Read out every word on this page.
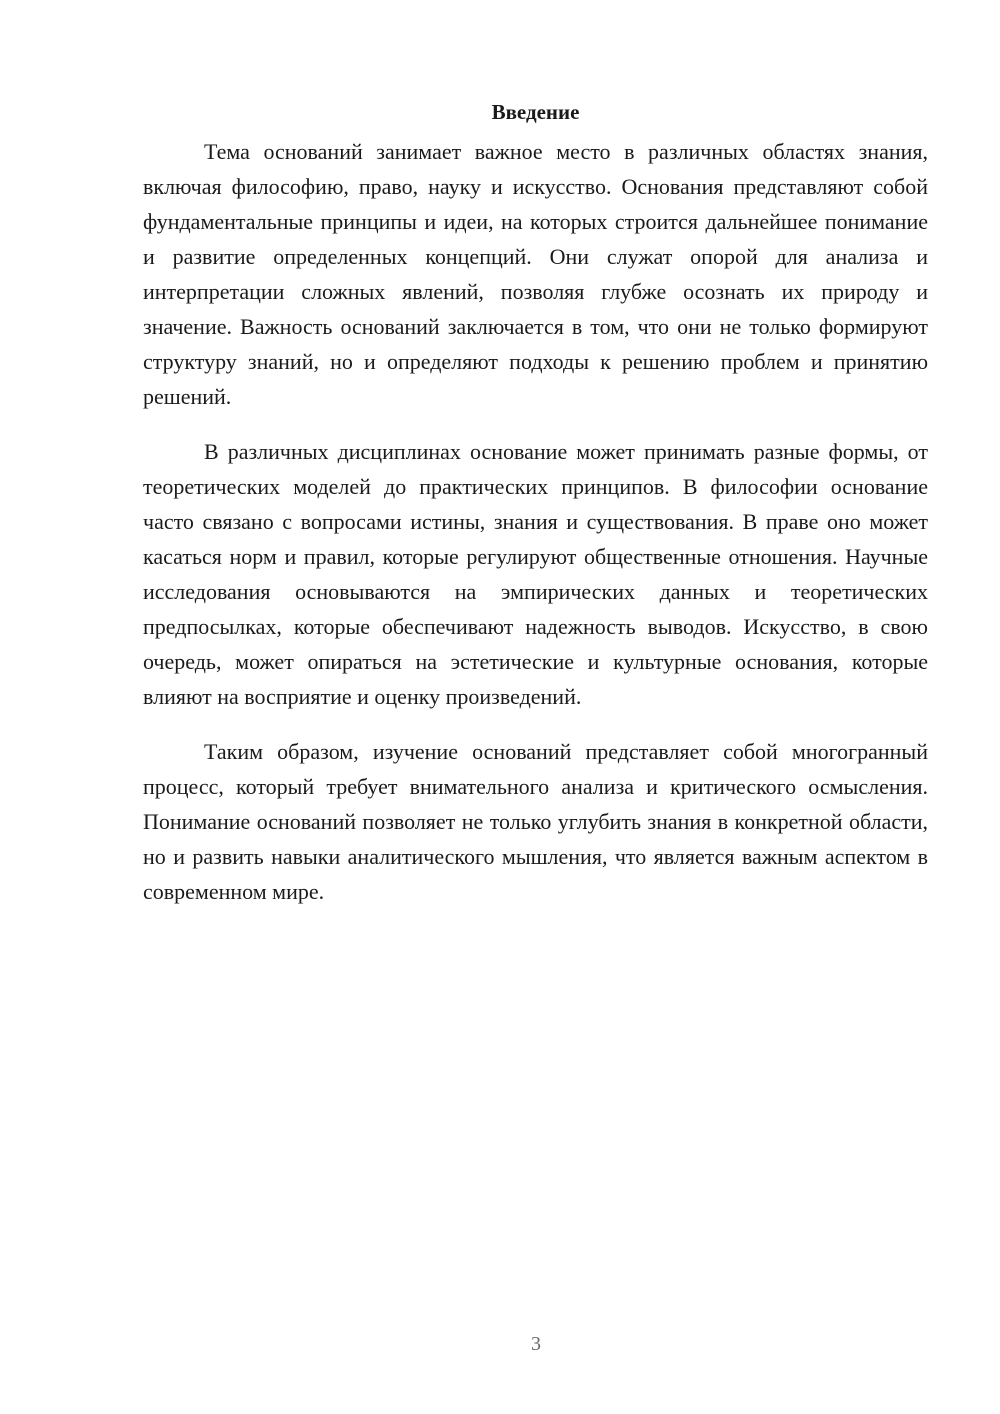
Введение

Тема оснований занимает важное место в различных областях знания, включая философию, право, науку и искусство. Основания представляют собой фундаментальные принципы и идеи, на которых строится дальнейшее понимание и развитие определенных концепций. Они служат опорой для анализа и интерпретации сложных явлений, позволяя глубже осознать их природу и значение. Важность оснований заключается в том, что они не только формируют структуру знаний, но и определяют подходы к решению проблем и принятию решений.

В различных дисциплинах основание может принимать разные формы, от теоретических моделей до практических принципов. В философии основание часто связано с вопросами истины, знания и существования. В праве оно может касаться норм и правил, которые регулируют общественные отношения. Научные исследования основываются на эмпирических данных и теоретических предпосылках, которые обеспечивают надежность выводов. Искусство, в свою очередь, может опираться на эстетические и культурные основания, которые влияют на восприятие и оценку произведений.

Таким образом, изучение оснований представляет собой многогранный процесс, который требует внимательного анализа и критического осмысления. Понимание оснований позволяет не только углубить знания в конкретной области, но и развить навыки аналитического мышления, что является важным аспектом в современном мире.

3
